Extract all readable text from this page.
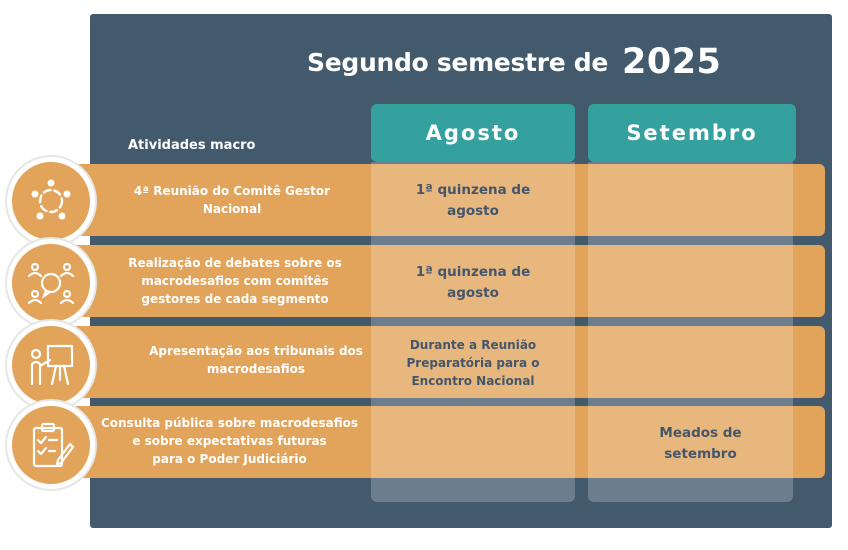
Segundo semestre de 2025
Agosto	Setembro
Atividades macro
4ª Reunião do Comitê Gestor
Nacional
1ª quinzena de
agosto
Realização de debates sobre os
macrodesafios com comitês
gestores de cada segmento
1ª quinzena de
agosto
Apresentação aos tribunais dos
macrodesafios
Durante a Reunião
Preparatória para o
Encontro Nacional
Consulta pública sobre macrodesafios
e sobre expectativas futuras
para o Poder Judiciário
Meados de
setembro
